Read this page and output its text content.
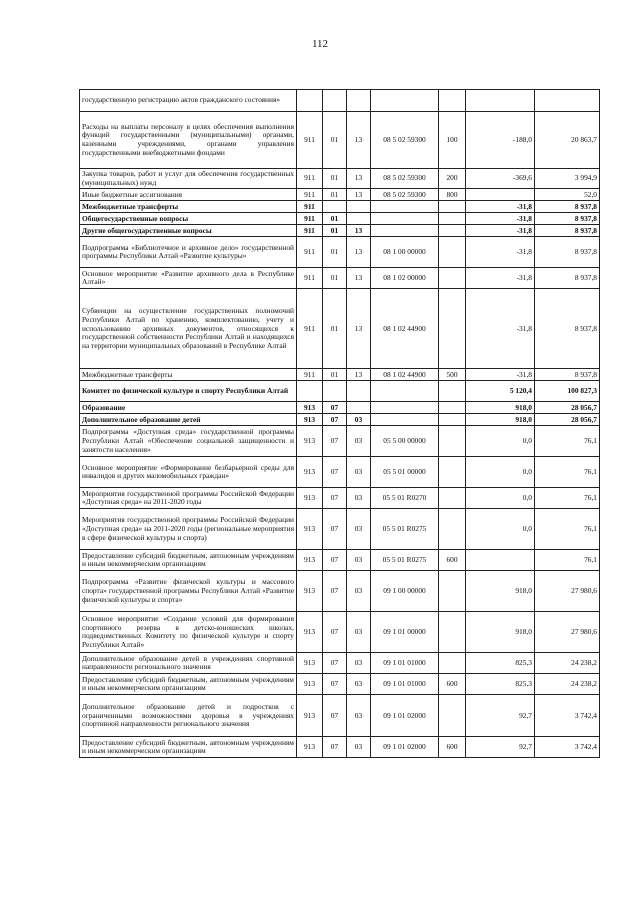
112
государственную регистрацию актов гражданского состояния»							
Расходы на выплаты персоналу в целях обеспечения выполнения функций государственными (муниципальными) органами, казенными учреждениями, органами управления государственными внебюджетными фондами	911	01	13	08 5 02 59300	100	-188,0	20 863,7
Закупка товаров, работ и услуг для обеспечения государственных (муниципальных) нужд	911	01	13	08 5 02 59300	200	-369,6	3 994,9
Иные бюджетные ассигнования	911	01	13	08 5 02 59300	800		52,0
Межбюджетные трансферты	911					-31,8	8 937,8
Общегосударственные вопросы	911	01				-31,8	8 937,8
Другие общегосударственные вопросы	911	01	13			-31,8	8 937,8
Подпрограмма «Библиотечное и архивное дело» государственной программы Республики Алтай «Развитие культуры»	911	01	13	08 1 00 00000		-31,8	8 937,8
Основное мероприятие «Развитие архивного дела в Республике Алтай»	911	01	13	08 1 02 00000		-31,8	8 937,8
Субвенции на осуществление государственных полномочий Республики Алтай по хранению, комплектованию, учету и использованию архивных документов, относящихся к государственной собственности Республики Алтай и находящихся на территории муниципальных образований в Республике Алтай	911	01	13	08 1 02 44900		-31,8	8 937,8
Межбюджетные трансферты	911	01	13	08 1 02 44900	500	-31,8	8 937,8
Комитет по физической культуре и спорту Республики Алтай						5 120,4	100 827,3
Образование	913	07				918,0	28 056,7
Дополнительное образование детей	913	07	03			918,0	28 056,7
Подпрограмма «Доступная среда» государственной программы Республики Алтай «Обеспечение социальной защищенности и занятости населения»	913	07	03	05 5 00 00000		0,0	76,1
Основное мероприятие «Формирование безбарьерной среды для инвалидов и других маломобильных граждан»	913	07	03	05 5 01 00000		0,0	76,1
Мероприятия государственной программы Российской Федерации «Доступная среда» на 2011-2020 годы	913	07	03	05 5 01 R0270		0,0	76,1
Мероприятия государственной программы Российской Федерации «Доступная среда» на 2011-2020 годы (региональные мероприятия в сфере физической культуры и спорта)	913	07	03	05 5 01 R0275		0,0	76,1
Предоставление субсидий бюджетным, автономным учреждениям и иным некоммерческим организациям	913	07	03	05 5 01 R0275	600		76,1
Подпрограмма «Развитие физической культуры и массового спорта» государственной программы Республики Алтай «Развитие физической культуры и спорта»	913	07	03	09 1 00 00000		918,0	27 980,6
Основное мероприятие «Создание условий для формирования спортивного резерва в детско-юношеских школах, подведомственных Комитету по физической культуре и спорту Республики Алтай»	913	07	03	09 1 01 00000		918,0	27 980,6
Дополнительное образование детей в учреждениях спортивной направленности регионального значения	913	07	03	09 1 01 01000		825,3	24 238,2
Предоставление субсидий бюджетным, автономным учреждениям и иным некоммерческим организациям	913	07	03	09 1 01 01000	600	825,3	24 238,2
Дополнительное образование детей и подростков с ограниченными возможностями здоровья в учреждениях спортивной направленности регионального значения	913	07	03	09 1 01 02000		92,7	3 742,4
Предоставление субсидий бюджетным, автономным учреждениям и иным некоммерческим организациям	913	07	03	09 1 01 02000	600	92,7	3 742,4
